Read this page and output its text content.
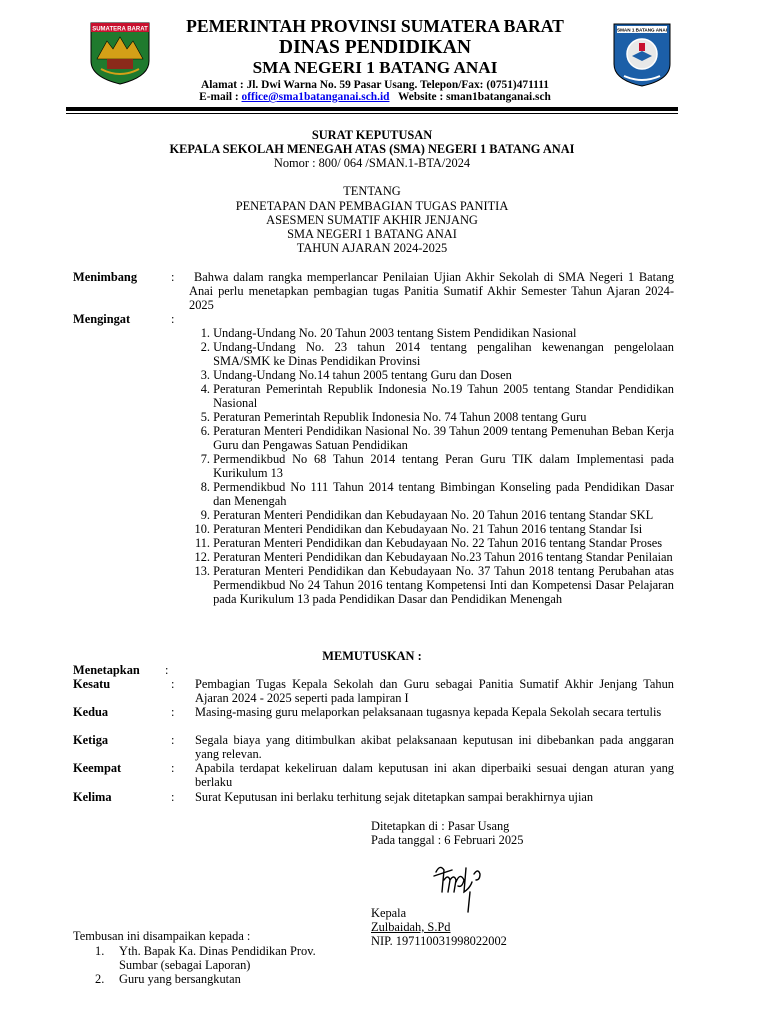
SUMATERA BARAT	PEMERINTAH PROVINSI SUMATERA BARAT
DINAS PENDIDIKAN
SMA NEGERI 1 BATANG ANAI
Alamat : Jl. Dwi Warna No. 59 Pasar Usang. Telepon/Fax: (0751)471111
E-mail : office@sma1batanganai.sch.id Website : sman1batanganai.sch
SMAN 1 BATANG ANAI
SURAT KEPUTUSAN
KEPALA SEKOLAH MENEGAH ATAS (SMA) NEGERI 1 BATANG ANAI
Nomor : 800/ 064 /SMAN.1-BTA/2024
TENTANG
PENETAPAN DAN PEMBAGIAN TUGAS PANITIA
ASESMEN SUMATIF AKHIR JENJANG
SMA NEGERI 1 BATANG ANAI
TAHUN AJARAN 2024-2025
Menimbang	:	Bahwa dalam rangka memperlancar Penilaian Ujian Akhir Sekolah di SMA Negeri 1 Batang Anai perlu menetapkan pembagian tugas Panitia Sumatif Akhir Semester Tahun Ajaran 2024-2025
Mengingat	:
1.
Undang-Undang No. 20 Tahun 2003 tentang Sistem Pendidikan Nasional
2.
Undang-Undang No. 23 tahun 2014 tentang pengalihan kewenangan pengelolaan SMA/SMK ke Dinas Pendidikan Provinsi
3.
Undang-Undang No.14 tahun 2005 tentang Guru dan Dosen
4.
Peraturan Pemerintah Republik Indonesia No.19 Tahun 2005 tentang Standar Pendidikan Nasional
5.
Peraturan Pemerintah Republik Indonesia No. 74 Tahun 2008 tentang Guru
6.
Peraturan Menteri Pendidikan Nasional No. 39 Tahun 2009 tentang Pemenuhan Beban Kerja Guru dan Pengawas Satuan Pendidikan
7.
Permendikbud No 68 Tahun 2014 tentang Peran Guru TIK dalam Implementasi pada Kurikulum 13
8.
Permendikbud No 111 Tahun 2014 tentang Bimbingan Konseling pada Pendidikan Dasar dan Menengah
9.
Peraturan Menteri Pendidikan dan Kebudayaan No. 20 Tahun 2016 tentang Standar SKL
10.
Peraturan Menteri Pendidikan dan Kebudayaan No. 21 Tahun 2016 tentang Standar Isi
11.
Peraturan Menteri Pendidikan dan Kebudayaan No. 22 Tahun 2016 tentang Standar Proses
12.
Peraturan Menteri Pendidikan dan Kebudayaan No.23 Tahun 2016 tentang Standar Penilaian
13.
Peraturan Menteri Pendidikan dan Kebudayaan No. 37 Tahun 2018 tentang Perubahan atas Permendikbud No 24 Tahun 2016 tentang Kompetensi Inti dan Kompetensi Dasar Pelajaran pada Kurikulum 13 pada Pendidikan Dasar dan Pendidikan Menengah
MEMUTUSKAN :
Menetapkan :
Kesatu	: Pembagian Tugas Kepala Sekolah dan Guru sebagai Panitia Sumatif Akhir Jenjang Tahun Ajaran 2024 - 2025 seperti pada lampiran I
Kedua	: Masing-masing guru melaporkan pelaksanaan tugasnya kepada Kepala Sekolah secara tertulis
Ketiga	: Segala biaya yang ditimbulkan akibat pelaksanaan keputusan ini dibebankan pada anggaran yang relevan.
Keempat	: Apabila terdapat kekeliruan dalam keputusan ini akan diperbaiki sesuai dengan aturan yang berlaku
Kelima	: Surat Keputusan ini berlaku terhitung sejak ditetapkan sampai berakhirnya ujian
Ditetapkan di : Pasar Usang
Pada tanggal : 6 Februari 2025
Kepala
Zulbaidah, S.Pd
NIP. 197110031998022002
Tembusan ini disampaikan kepada :
1. Yth. Bapak Ka. Dinas Pendidikan Prov.
Sumbar (sebagai Laporan)
2. Guru yang bersangkutan
